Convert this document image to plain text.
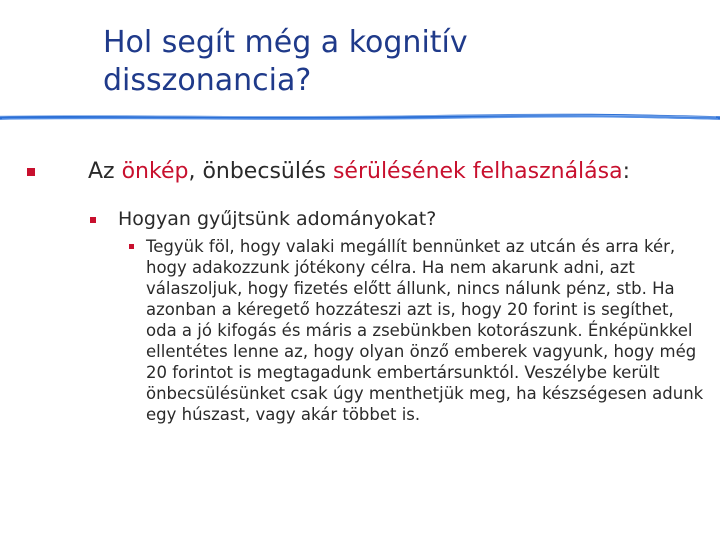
Hol segít még a kognitív
disszonancia?
Az önkép, önbecsülés sérülésének felhasználása:
Hogyan gyűjtsünk adományokat?

Tegyük föl, hogy valaki megállít bennünket az utcán és arra kér, hogy adakozzunk jótékony célra. Ha nem akarunk adni, azt válaszoljuk, hogy fizetés előtt állunk, nincs nálunk pénz, stb. Ha azonban a kéregető hozzáteszi azt is, hogy 20 forint is segíthet, oda a jó kifogás és máris a zsebünkben kotorászunk. Énképünkkel ellentétes lenne az, hogy olyan önző emberek vagyunk, hogy még 20 forintot is megtagadunk embertársunktól. Veszélybe került önbecsülésünket csak úgy menthetjük meg, ha készségesen adunk egy húszast, vagy akár többet is.
